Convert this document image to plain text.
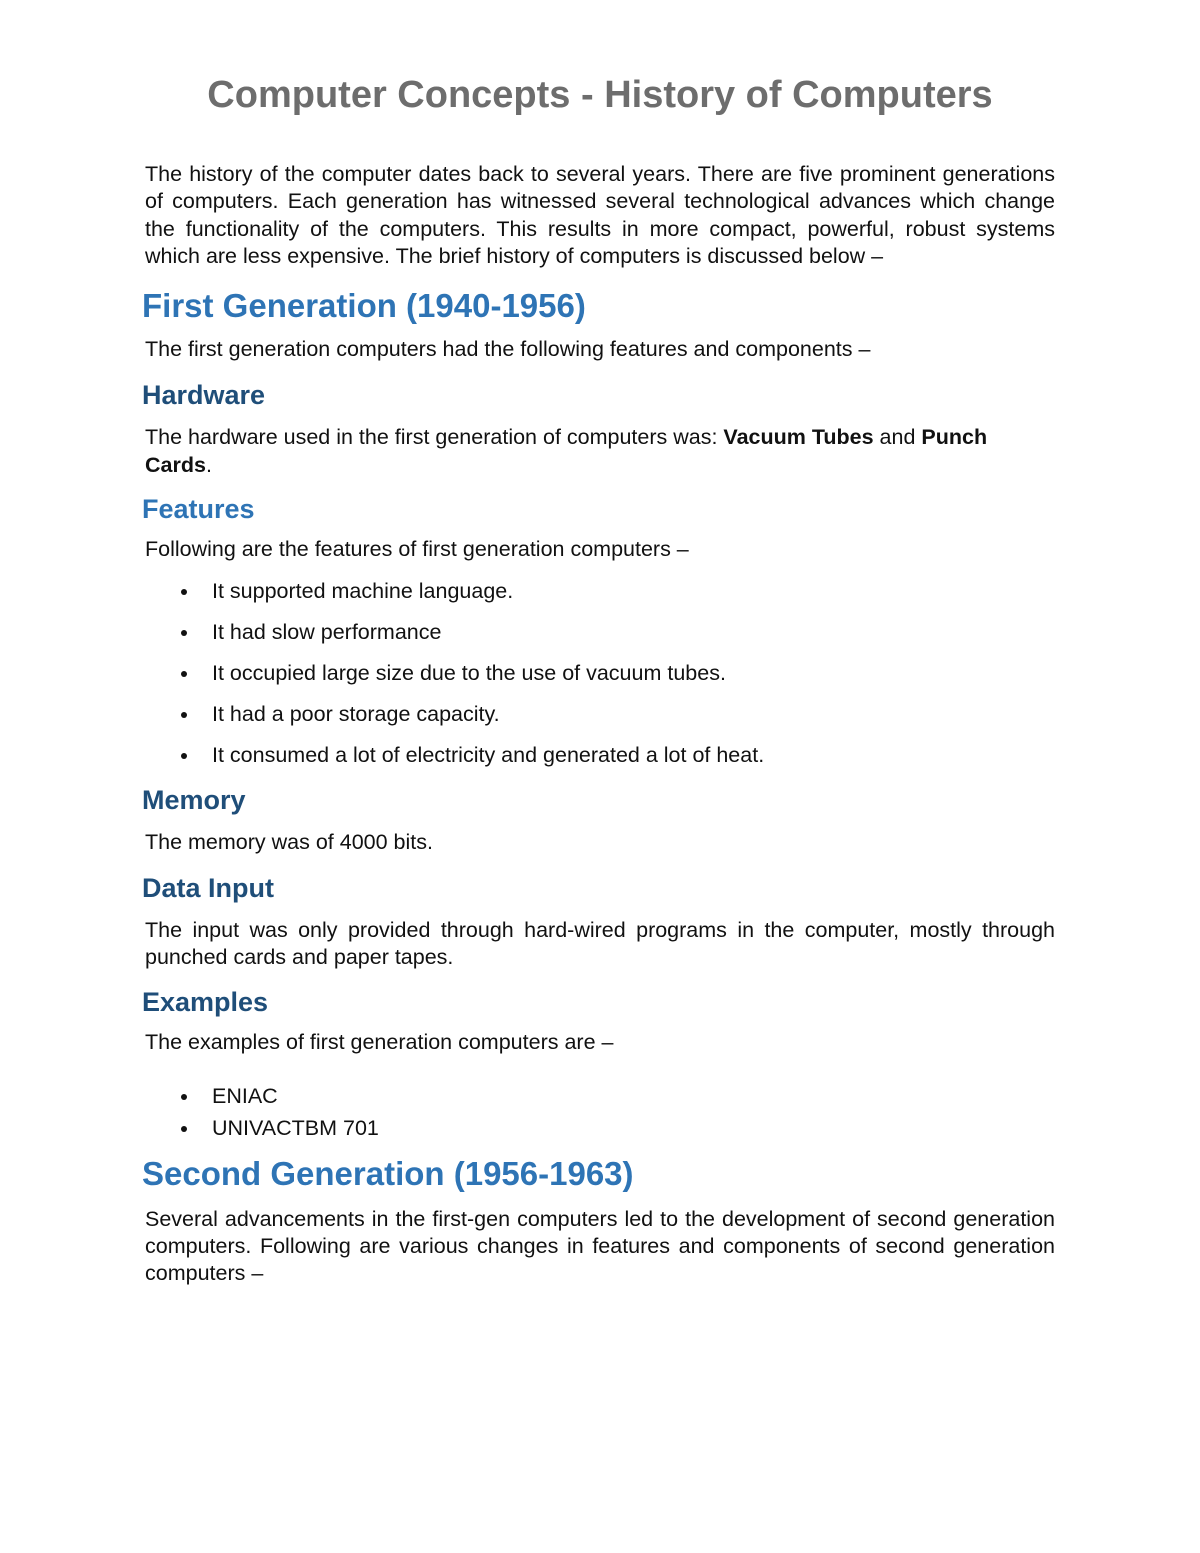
Computer Concepts - History of Computers

The history of the computer dates back to several years. There are five prominent generations of computers. Each generation has witnessed several technological advances which change the functionality of the computers. This results in more compact, powerful, robust systems which are less expensive. The brief history of computers is discussed below –

First Generation (1940-1956)

The first generation computers had the following features and components –

Hardware

The hardware used in the first generation of computers was: Vacuum Tubes and Punch Cards.

Features

Following are the features of first generation computers –

It supported machine language.
It had slow performance
It occupied large size due to the use of vacuum tubes.
It had a poor storage capacity.
It consumed a lot of electricity and generated a lot of heat.
Memory

The memory was of 4000 bits.

Data Input

The input was only provided through hard-wired programs in the computer, mostly through punched cards and paper tapes.

Examples

The examples of first generation computers are –

ENIAC
UNIVACTBM 701
Second Generation (1956-1963)

Several advancements in the first-gen computers led to the development of second generation computers. Following are various changes in features and components of second generation computers –
